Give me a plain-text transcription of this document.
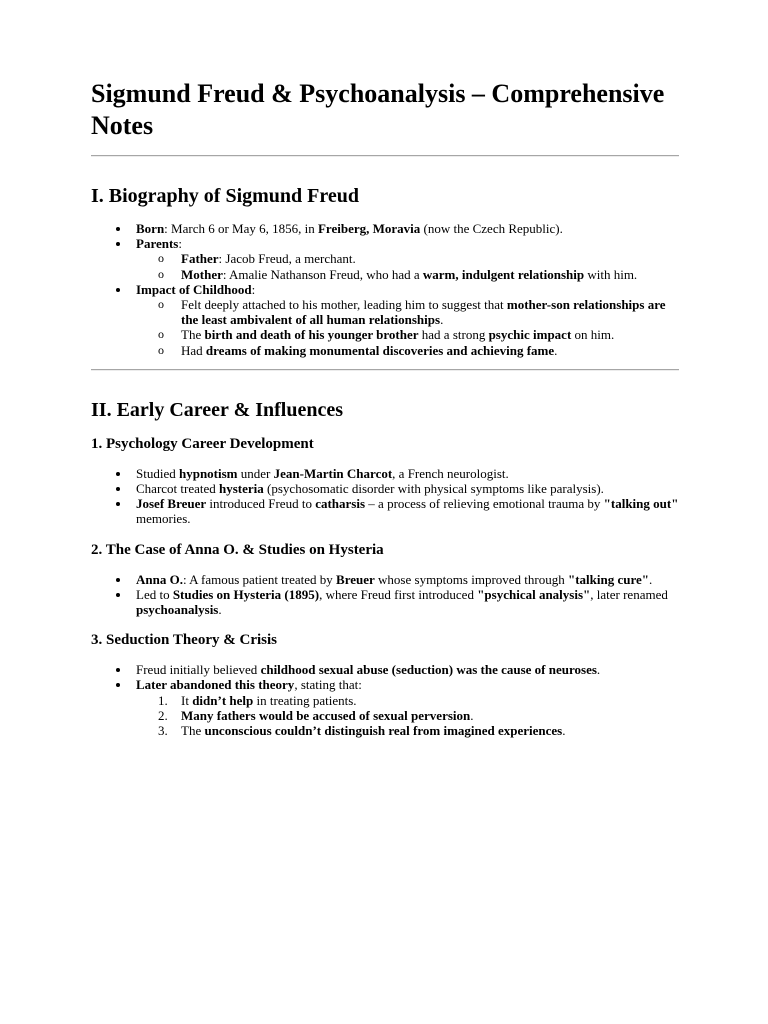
Sigmund Freud & Psychoanalysis – Comprehensive Notes
I. Biography of Sigmund Freud
Born: March 6 or May 6, 1856, in Freiberg, Moravia (now the Czech Republic).
Parents:
o Father: Jacob Freud, a merchant.
o Mother: Amalie Nathanson Freud, who had a warm, indulgent relationship with him.
Impact of Childhood:
o Felt deeply attached to his mother, leading him to suggest that mother-son relationships are the least ambivalent of all human relationships.
o The birth and death of his younger brother had a strong psychic impact on him.
o Had dreams of making monumental discoveries and achieving fame.
II. Early Career & Influences
1. Psychology Career Development
Studied hypnotism under Jean-Martin Charcot, a French neurologist.
Charcot treated hysteria (psychosomatic disorder with physical symptoms like paralysis).
Josef Breuer introduced Freud to catharsis – a process of relieving emotional trauma by "talking out" memories.
2. The Case of Anna O. & Studies on Hysteria
Anna O.: A famous patient treated by Breuer whose symptoms improved through "talking cure".
Led to Studies on Hysteria (1895), where Freud first introduced "psychical analysis", later renamed psychoanalysis.
3. Seduction Theory & Crisis
Freud initially believed childhood sexual abuse (seduction) was the cause of neuroses.
Later abandoned this theory, stating that:
1. It didn’t help in treating patients.
2. Many fathers would be accused of sexual perversion.
3. The unconscious couldn’t distinguish real from imagined experiences.
